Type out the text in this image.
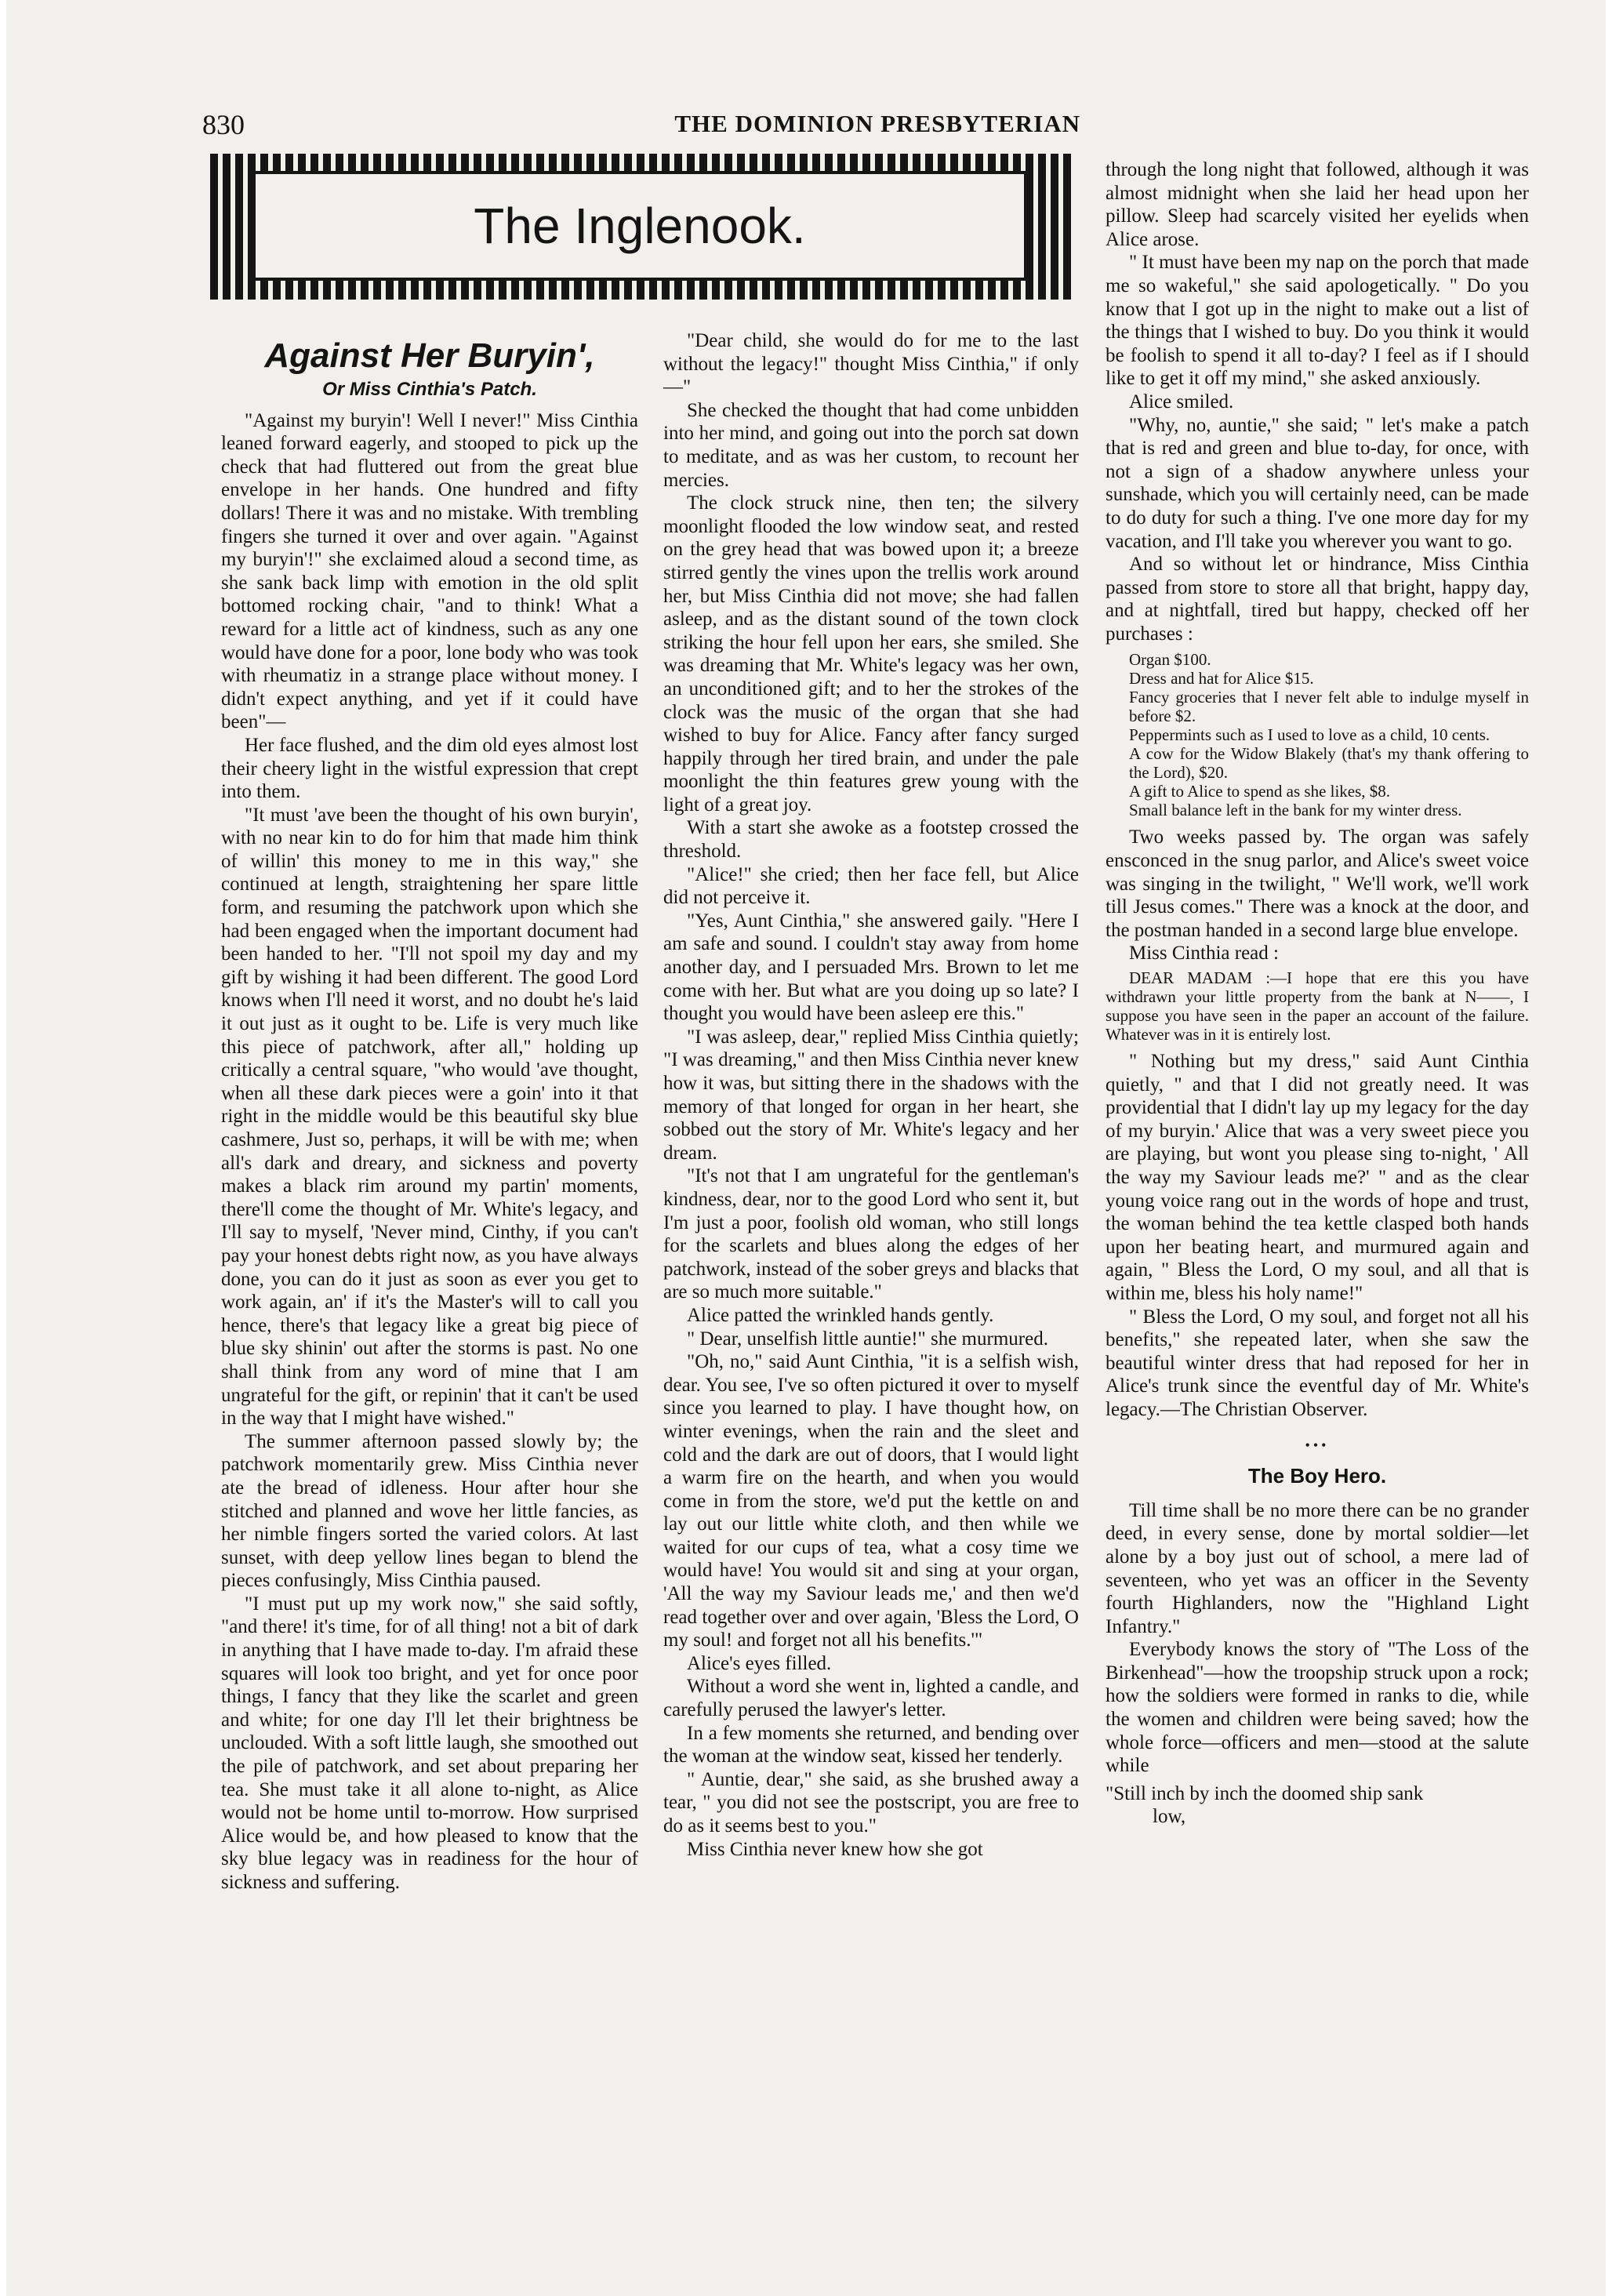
830	THE DOMINION PRESBYTERIAN
The Inglenook.
Against Her Buryin',
Or Miss Cinthia's Patch.

"Against my buryin'! Well I never!" Miss Cinthia leaned forward eagerly, and stooped to pick up the check that had fluttered out from the great blue envelope in her hands. One hundred and fifty dollars! There it was and no mistake. With trembling fingers she turned it over and over again. "Against my buryin'!" she exclaimed aloud a second time, as she sank back limp with emotion in the old split bottomed rocking chair, "and to think! What a reward for a little act of kindness, such as any one would have done for a poor, lone body who was took with rheumatiz in a strange place without money. I didn't expect anything, and yet if it could have been"—

Her face flushed, and the dim old eyes almost lost their cheery light in the wistful expression that crept into them.

"It must 'ave been the thought of his own buryin', with no near kin to do for him that made him think of willin' this money to me in this way," she continued at length, straightening her spare little form, and resuming the patchwork upon which she had been engaged when the important document had been handed to her. "I'll not spoil my day and my gift by wishing it had been different. The good Lord knows when I'll need it worst, and no doubt he's laid it out just as it ought to be. Life is very much like this piece of patchwork, after all," holding up critically a central square, "who would 'ave thought, when all these dark pieces were a goin' into it that right in the middle would be this beautiful sky blue cashmere, Just so, perhaps, it will be with me; when all's dark and dreary, and sickness and poverty makes a black rim around my partin' moments, there'll come the thought of Mr. White's legacy, and I'll say to myself, 'Never mind, Cinthy, if you can't pay your honest debts right now, as you have always done, you can do it just as soon as ever you get to work again, an' if it's the Master's will to call you hence, there's that legacy like a great big piece of blue sky shinin' out after the storms is past. No one shall think from any word of mine that I am ungrateful for the gift, or repinin' that it can't be used in the way that I might have wished."

The summer afternoon passed slowly by; the patchwork momentarily grew. Miss Cinthia never ate the bread of idleness. Hour after hour she stitched and planned and wove her little fancies, as her nimble fingers sorted the varied colors. At last sunset, with deep yellow lines began to blend the pieces confusingly, Miss Cinthia paused.

"I must put up my work now," she said softly, "and there! it's time, for of all thing! not a bit of dark in anything that I have made to-day. I'm afraid these squares will look too bright, and yet for once poor things, I fancy that they like the scarlet and green and white; for one day I'll let their brightness be unclouded. With a soft little laugh, she smoothed out the pile of patchwork, and set about preparing her tea. She must take it all alone to-night, as Alice would not be home until to-morrow. How surprised Alice would be, and how pleased to know that the sky blue legacy was in readiness for the hour of sickness and suffering.

"Dear child, she would do for me to the last without the legacy!" thought Miss Cinthia," if only—"

She checked the thought that had come unbidden into her mind, and going out into the porch sat down to meditate, and as was her custom, to recount her mercies.

The clock struck nine, then ten; the silvery moonlight flooded the low window seat, and rested on the grey head that was bowed upon it; a breeze stirred gently the vines upon the trellis work around her, but Miss Cinthia did not move; she had fallen asleep, and as the distant sound of the town clock striking the hour fell upon her ears, she smiled. She was dreaming that Mr. White's legacy was her own, an unconditioned gift; and to her the strokes of the clock was the music of the organ that she had wished to buy for Alice. Fancy after fancy surged happily through her tired brain, and under the pale moonlight the thin features grew young with the light of a great joy.

With a start she awoke as a footstep crossed the threshold.

"Alice!" she cried; then her face fell, but Alice did not perceive it.

"Yes, Aunt Cinthia," she answered gaily. "Here I am safe and sound. I couldn't stay away from home another day, and I persuaded Mrs. Brown to let me come with her. But what are you doing up so late? I thought you would have been asleep ere this."

"I was asleep, dear," replied Miss Cinthia quietly; "I was dreaming," and then Miss Cinthia never knew how it was, but sitting there in the shadows with the memory of that longed for organ in her heart, she sobbed out the story of Mr. White's legacy and her dream.

"It's not that I am ungrateful for the gentleman's kindness, dear, nor to the good Lord who sent it, but I'm just a poor, foolish old woman, who still longs for the scarlets and blues along the edges of her patchwork, instead of the sober greys and blacks that are so much more suitable."

Alice patted the wrinkled hands gently.

" Dear, unselfish little auntie!" she murmured.

"Oh, no," said Aunt Cinthia, "it is a selfish wish, dear. You see, I've so often pictured it over to myself since you learned to play. I have thought how, on winter evenings, when the rain and the sleet and cold and the dark are out of doors, that I would light a warm fire on the hearth, and when you would come in from the store, we'd put the kettle on and lay out our little white cloth, and then while we waited for our cups of tea, what a cosy time we would have! You would sit and sing at your organ, 'All the way my Saviour leads me,' and then we'd read together over and over again, 'Bless the Lord, O my soul! and forget not all his benefits.'"

Alice's eyes filled.

Without a word she went in, lighted a candle, and carefully perused the lawyer's letter.

In a few moments she returned, and bending over the woman at the window seat, kissed her tenderly.

" Auntie, dear," she said, as she brushed away a tear, " you did not see the postscript, you are free to do as it seems best to you."

Miss Cinthia never knew how she got

through the long night that followed, although it was almost midnight when she laid her head upon her pillow. Sleep had scarcely visited her eyelids when Alice arose.

" It must have been my nap on the porch that made me so wakeful," she said apologetically. " Do you know that I got up in the night to make out a list of the things that I wished to buy. Do you think it would be foolish to spend it all to-day? I feel as if I should like to get it off my mind," she asked anxiously.

Alice smiled.

"Why, no, auntie," she said; " let's make a patch that is red and green and blue to-day, for once, with not a sign of a shadow anywhere unless your sunshade, which you will certainly need, can be made to do duty for such a thing. I've one more day for my vacation, and I'll take you wherever you want to go.

And so without let or hindrance, Miss Cinthia passed from store to store all that bright, happy day, and at nightfall, tired but happy, checked off her purchases :

Organ $100.
Dress and hat for Alice $15.
Fancy groceries that I never felt able to indulge myself in before $2.
Peppermints such as I used to love as a child, 10 cents.
A cow for the Widow Blakely (that's my thank offering to the Lord), $20.
A gift to Alice to spend as she likes, $8.
Small balance left in the bank for my winter dress.

Two weeks passed by. The organ was safely ensconced in the snug parlor, and Alice's sweet voice was singing in the twilight, " We'll work, we'll work till Jesus comes." There was a knock at the door, and the postman handed in a second large blue envelope.

Miss Cinthia read :

DEAR MADAM :—I hope that ere this you have withdrawn your little property from the bank at N——, I suppose you have seen in the paper an account of the failure. Whatever was in it is entirely lost.

" Nothing but my dress," said Aunt Cinthia quietly, " and that I did not greatly need. It was providential that I didn't lay up my legacy for the day of my buryin.' Alice that was a very sweet piece you are playing, but wont you please sing to-night, ' All the way my Saviour leads me?' " and as the clear young voice rang out in the words of hope and trust, the woman behind the tea kettle clasped both hands upon her beating heart, and murmured again and again, " Bless the Lord, O my soul, and all that is within me, bless his holy name!"

" Bless the Lord, O my soul, and forget not all his benefits," she repeated later, when she saw the beautiful winter dress that had reposed for her in Alice's trunk since the eventful day of Mr. White's legacy.—The Christian Observer.

•••
The Boy Hero.

Till time shall be no more there can be no grander deed, in every sense, done by mortal soldier—let alone by a boy just out of school, a mere lad of seventeen, who yet was an officer in the Seventy fourth Highlanders, now the "Highland Light Infantry."

Everybody knows the story of "The Loss of the Birkenhead"—how the troopship struck upon a rock; how the soldiers were formed in ranks to die, while the women and children were being saved; how the whole force—officers and men—stood at the salute while

"Still inch by inch the doomed ship sank
low,
